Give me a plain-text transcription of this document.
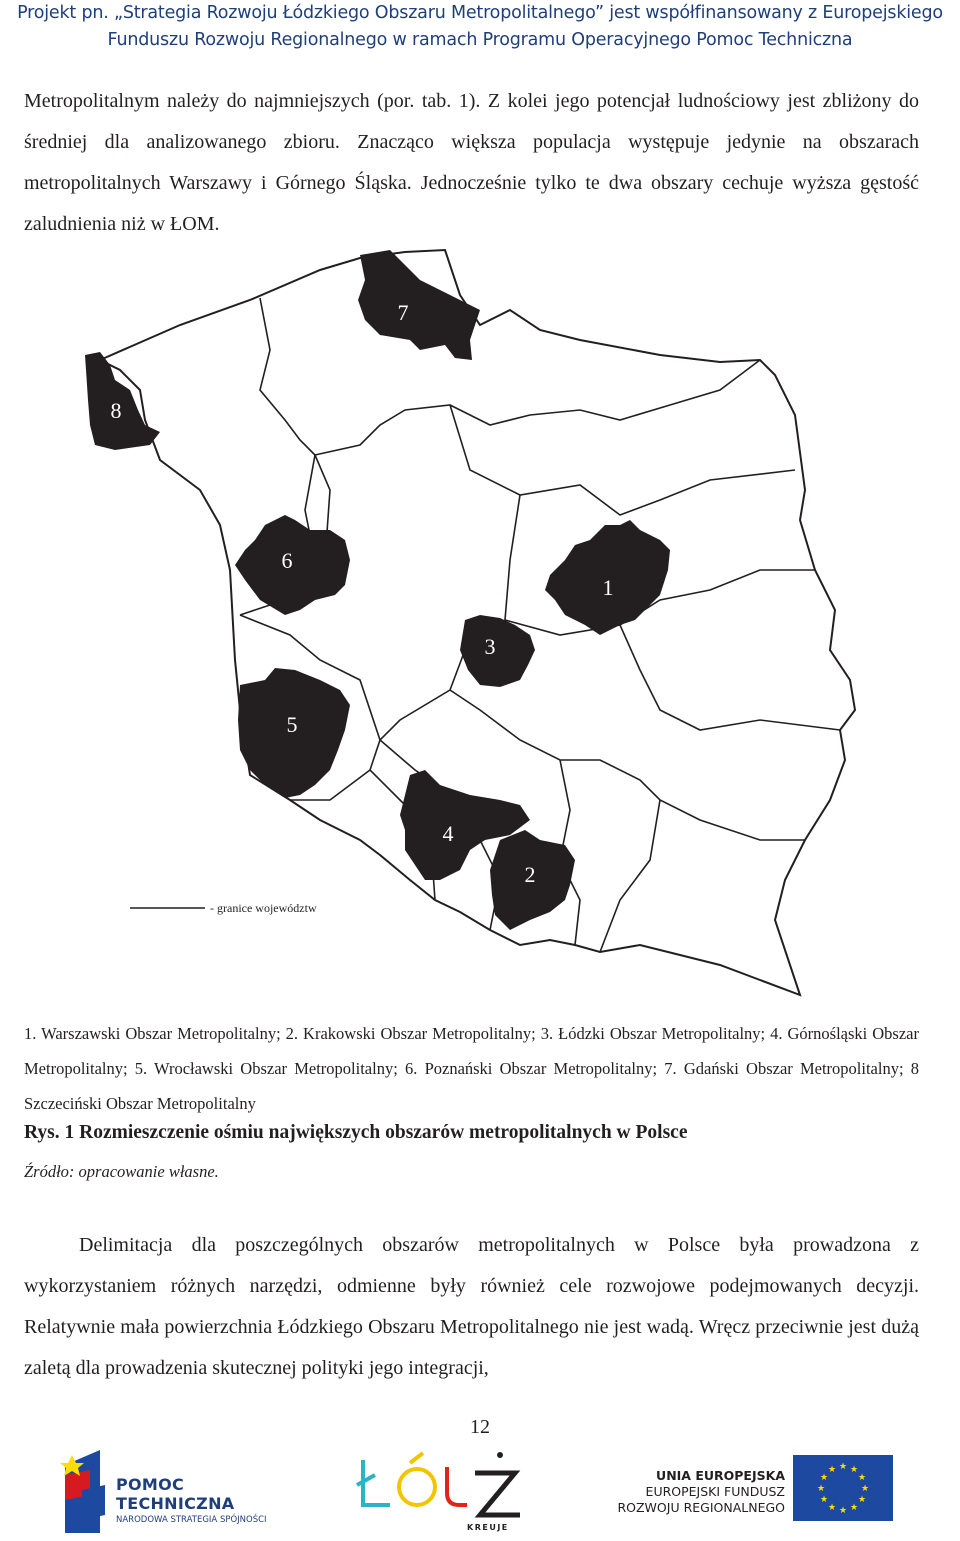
Projekt pn. „Strategia Rozwoju Łódzkiego Obszaru Metropolitalnego” jest współfinansowany z Europejskiego
Funduszu Rozwoju Regionalnego w ramach Programu Operacyjnego Pomoc Techniczna

Metropolitalnym należy do najmniejszych (por. tab. 1). Z kolei jego potencjał ludnościowy jest zbliżony do średniej dla analizowanego zbioru. Znacząco większa populacja występuje jedynie na obszarach metropolitalnych Warszawy i Górnego Śląska. Jednocześnie tylko te dwa obszary cechuje wyższa gęstość zaludnienia niż w ŁOM.

- granice województw
1
2
3
4
5
6
7
8
1. Warszawski Obszar Metropolitalny; 2. Krakowski Obszar Metropolitalny; 3. Łódzki Obszar Metropolitalny; 4. Górnośląski Obszar Metropolitalny; 5. Wrocławski Obszar Metropolitalny; 6. Poznański Obszar Metropolitalny; 7. Gdański Obszar Metropolitalny; 8 Szczeciński Obszar Metropolitalny
Rys. 1 Rozmieszczenie ośmiu największych obszarów metropolitalnych w Polsce
Źródło: opracowanie własne.

Delimitacja dla poszczególnych obszarów metropolitalnych w Polsce była prowadzona z wykorzystaniem różnych narzędzi, odmienne były również cele rozwojowe podejmowanych decyzji. Relatywnie mała powierzchnia Łódzkiego Obszaru Metropolitalnego nie jest wadą. Wręcz przeciwnie jest dużą zaletą dla prowadzenia skutecznej polityki jego integracji,

12
POMOC TECHNICZNA
NARODOWA STRATEGIA SPÓJNOŚCI
KREUJE
UNIA EUROPEJSKA
EUROPEJSKI FUNDUSZ
ROZWOJU REGIONALNEGO
★ ★
★
★
★
★
★
★
★
★
★
★
